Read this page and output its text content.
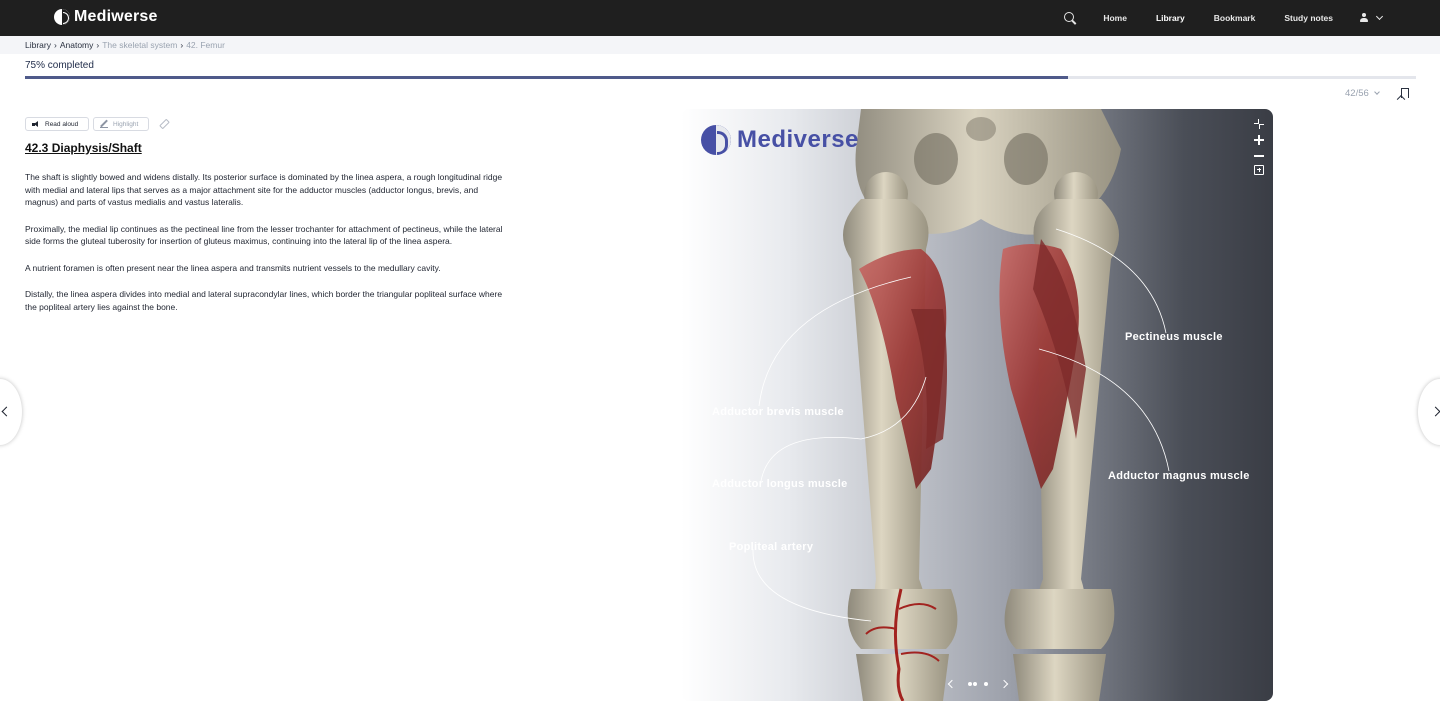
Mediwerse	Home	Library	Bookmark	Study notes
Library › Anatomy › The skeletal system › 42. Femur
75% completed
42/56
Read aloud	Highlight
42.3 Diaphysis/Shaft

The shaft is slightly bowed and widens distally. Its posterior surface is dominated by the linea aspera, a rough longitudinal ridge with medial and lateral lips that serves as a major attachment site for the adductor muscles (adductor longus, brevis, and magnus) and parts of vastus medialis and vastus lateralis.

Proximally, the medial lip continues as the pectineal line from the lesser trochanter for attachment of pectineus, while the lateral side forms the gluteal tuberosity for insertion of gluteus maximus, continuing into the lateral lip of the linea aspera.

A nutrient foramen is often present near the linea aspera and transmits nutrient vessels to the medullary cavity.

Distally, the linea aspera divides into medial and lateral supracondylar lines, which border the triangular popliteal surface where the popliteal artery lies against the bone.

Mediverse
Pectineus muscle
Adductor brevis muscle
Adductor magnus muscle
Adductor longus muscle
Popliteal artery
